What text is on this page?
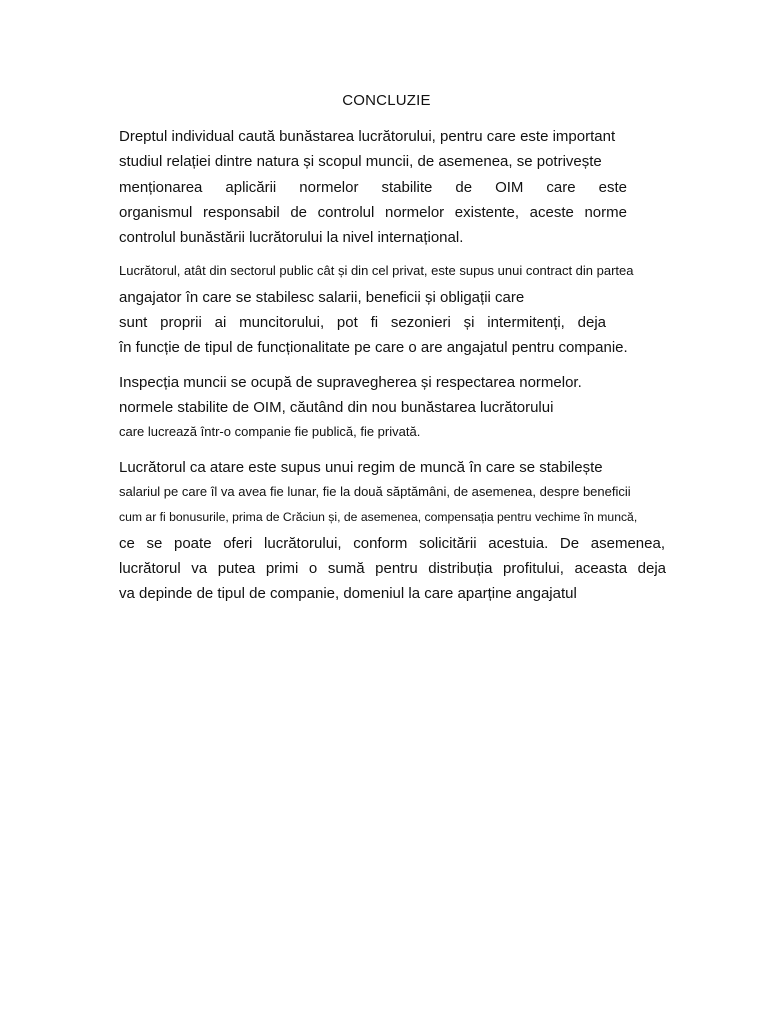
CONCLUZIE
Dreptul individual caută bunăstarea lucrătorului, pentru care este important
studiul relației dintre natura și scopul muncii, de asemenea, se potrivește
menționarea aplicării normelor stabilite de OIM care este
organismul responsabil de controlul normelor existente, aceste norme
controlul bunăstării lucrătorului la nivel internațional.
Lucrătorul, atât din sectorul public cât și din cel privat, este supus unui contract din partea
angajator în care se stabilesc salarii, beneficii și obligații care
sunt proprii ai muncitorului, pot fi sezonieri și intermitenți, deja
în funcție de tipul de funcționalitate pe care o are angajatul pentru companie.
Inspecția muncii se ocupă de supravegherea și respectarea normelor.
normele stabilite de OIM, căutând din nou bunăstarea lucrătorului
care lucrează într-o companie fie publică, fie privată.
Lucrătorul ca atare este supus unui regim de muncă în care se stabilește
salariul pe care îl va avea fie lunar, fie la două săptămâni, de asemenea, despre beneficii
cum ar fi bonusurile, prima de Crăciun și, de asemenea, compensația pentru vechime în muncă,
ce se poate oferi lucrătorului, conform solicitării acestuia. De asemenea,
lucrătorul va putea primi o sumă pentru distribuția profitului, aceasta deja
va depinde de tipul de companie, domeniul la care aparține angajatul
